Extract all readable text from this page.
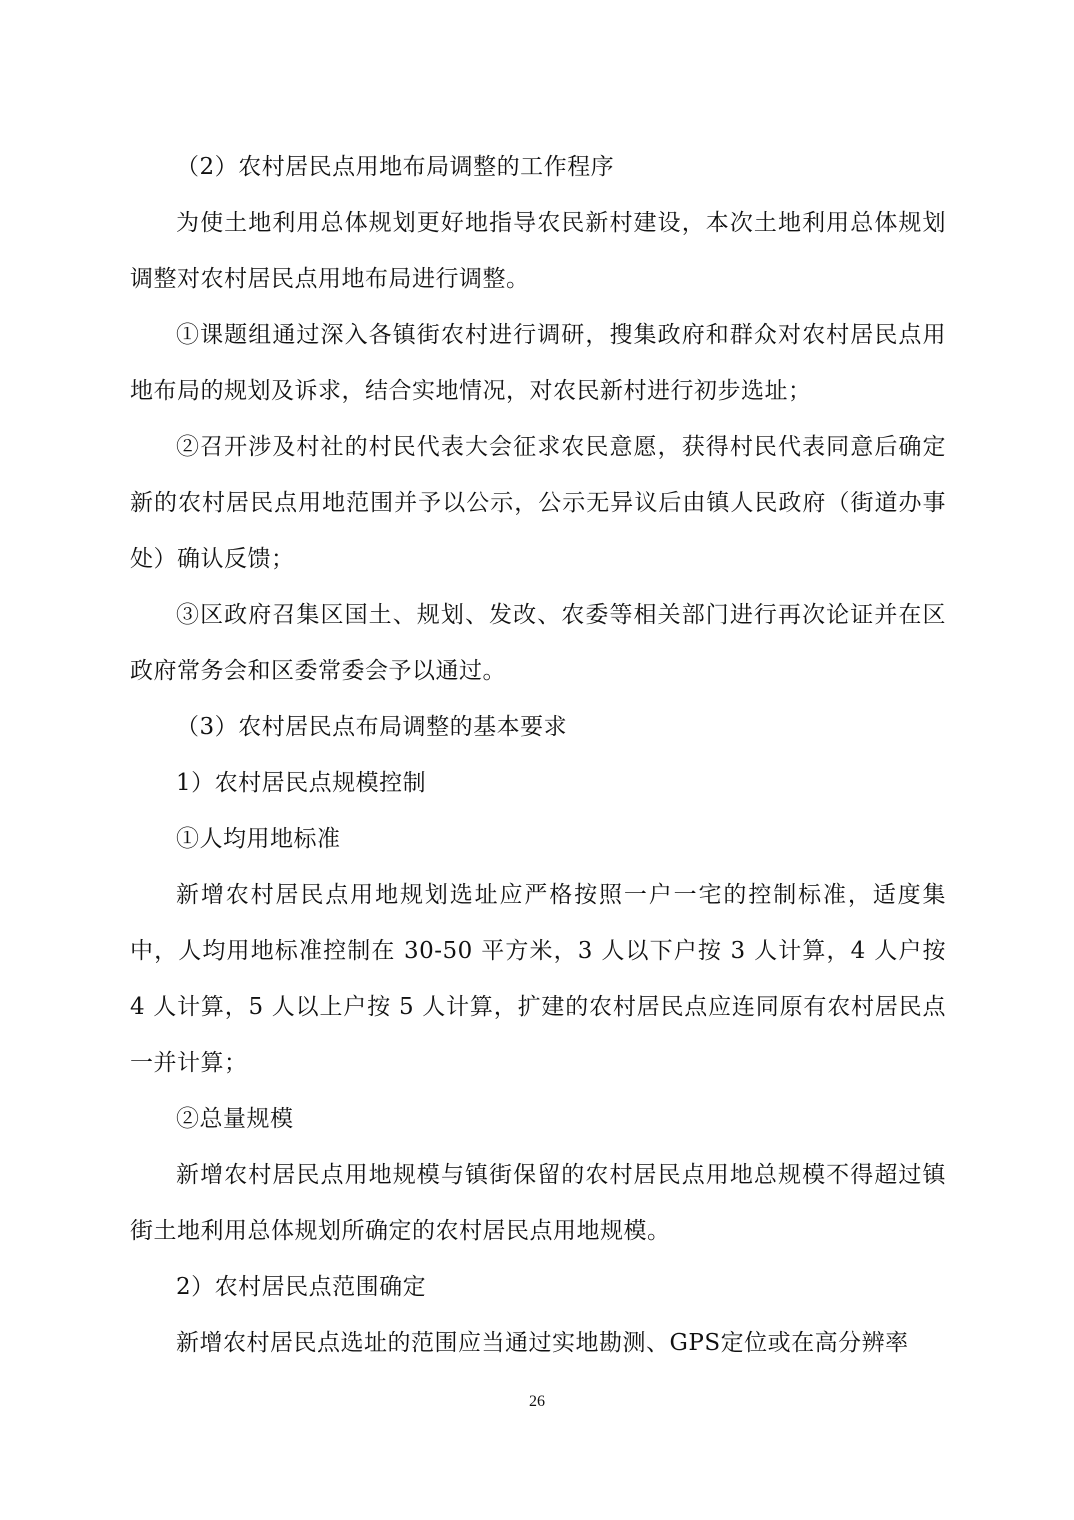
（2）农村居民点用地布局调整的工作程序

为使土地利用总体规划更好地指导农民新村建设，本次土地利用总体规划调整对农村居民点用地布局进行调整。

①课题组通过深入各镇街农村进行调研，搜集政府和群众对农村居民点用地布局的规划及诉求，结合实地情况，对农民新村进行初步选址；

②召开涉及村社的村民代表大会征求农民意愿，获得村民代表同意后确定新的农村居民点用地范围并予以公示，公示无异议后由镇人民政府（街道办事处）确认反馈；

③区政府召集区国土、规划、发改、农委等相关部门进行再次论证并在区政府常务会和区委常委会予以通过。

（3）农村居民点布局调整的基本要求

1）农村居民点规模控制

①人均用地标准

新增农村居民点用地规划选址应严格按照一户一宅的控制标准，适度集中，人均用地标准控制在 30-50 平方米，3 人以下户按 3 人计算，4 人户按 4 人计算，5 人以上户按 5 人计算，扩建的农村居民点应连同原有农村居民点一并计算；

②总量规模

新增农村居民点用地规模与镇街保留的农村居民点用地总规模不得超过镇街土地利用总体规划所确定的农村居民点用地规模。

2）农村居民点范围确定

新增农村居民点选址的范围应当通过实地勘测、GPS定位或在高分辨率

26
